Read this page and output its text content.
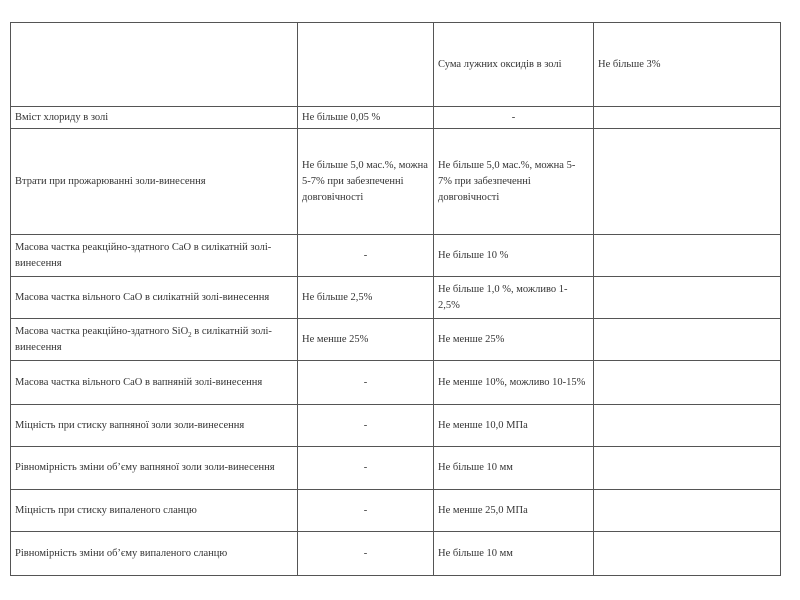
		Сума лужних оксидів в золі	Не більше 3%
Вміст хлориду в золі	Не більше 0,05 %	-	
Втрати при прожарюванні золи-винесення	Не більше 5,0 мас.%, можна 5-7% при забезпеченні довговічності	Не більше 5,0 мас.%, можна 5-7% при забезпеченні довговічності	
Масова частка реакційно-здатного CaO в силікатній золі-винесення	-	Не більше 10 %	
Масова частка вільного CaO в силікатній золі-винесення	Не більше 2,5%	Не більше 1,0 %, можливо 1-2,5%	
Масова частка реакційно-здатного SiO$_2$ в силікатній золі-винесення	Не менше 25%	Не менше 25%	
Масова частка вільного CaO в вапняній золі-винесення	-	Не менше 10%, можливо 10-15%	
Міцність при стиску вапняної золи золи-винесення	-	Не менше 10,0 МПа	
Рівномірність зміни об’єму вапняної золи золи-винесення	-	Не більше 10 мм	
Міцність при стиску випаленого сланцю	-	Не менше 25,0 МПа	
Рівномірність зміни об’єму випаленого сланцю	-	Не більше 10 мм	
